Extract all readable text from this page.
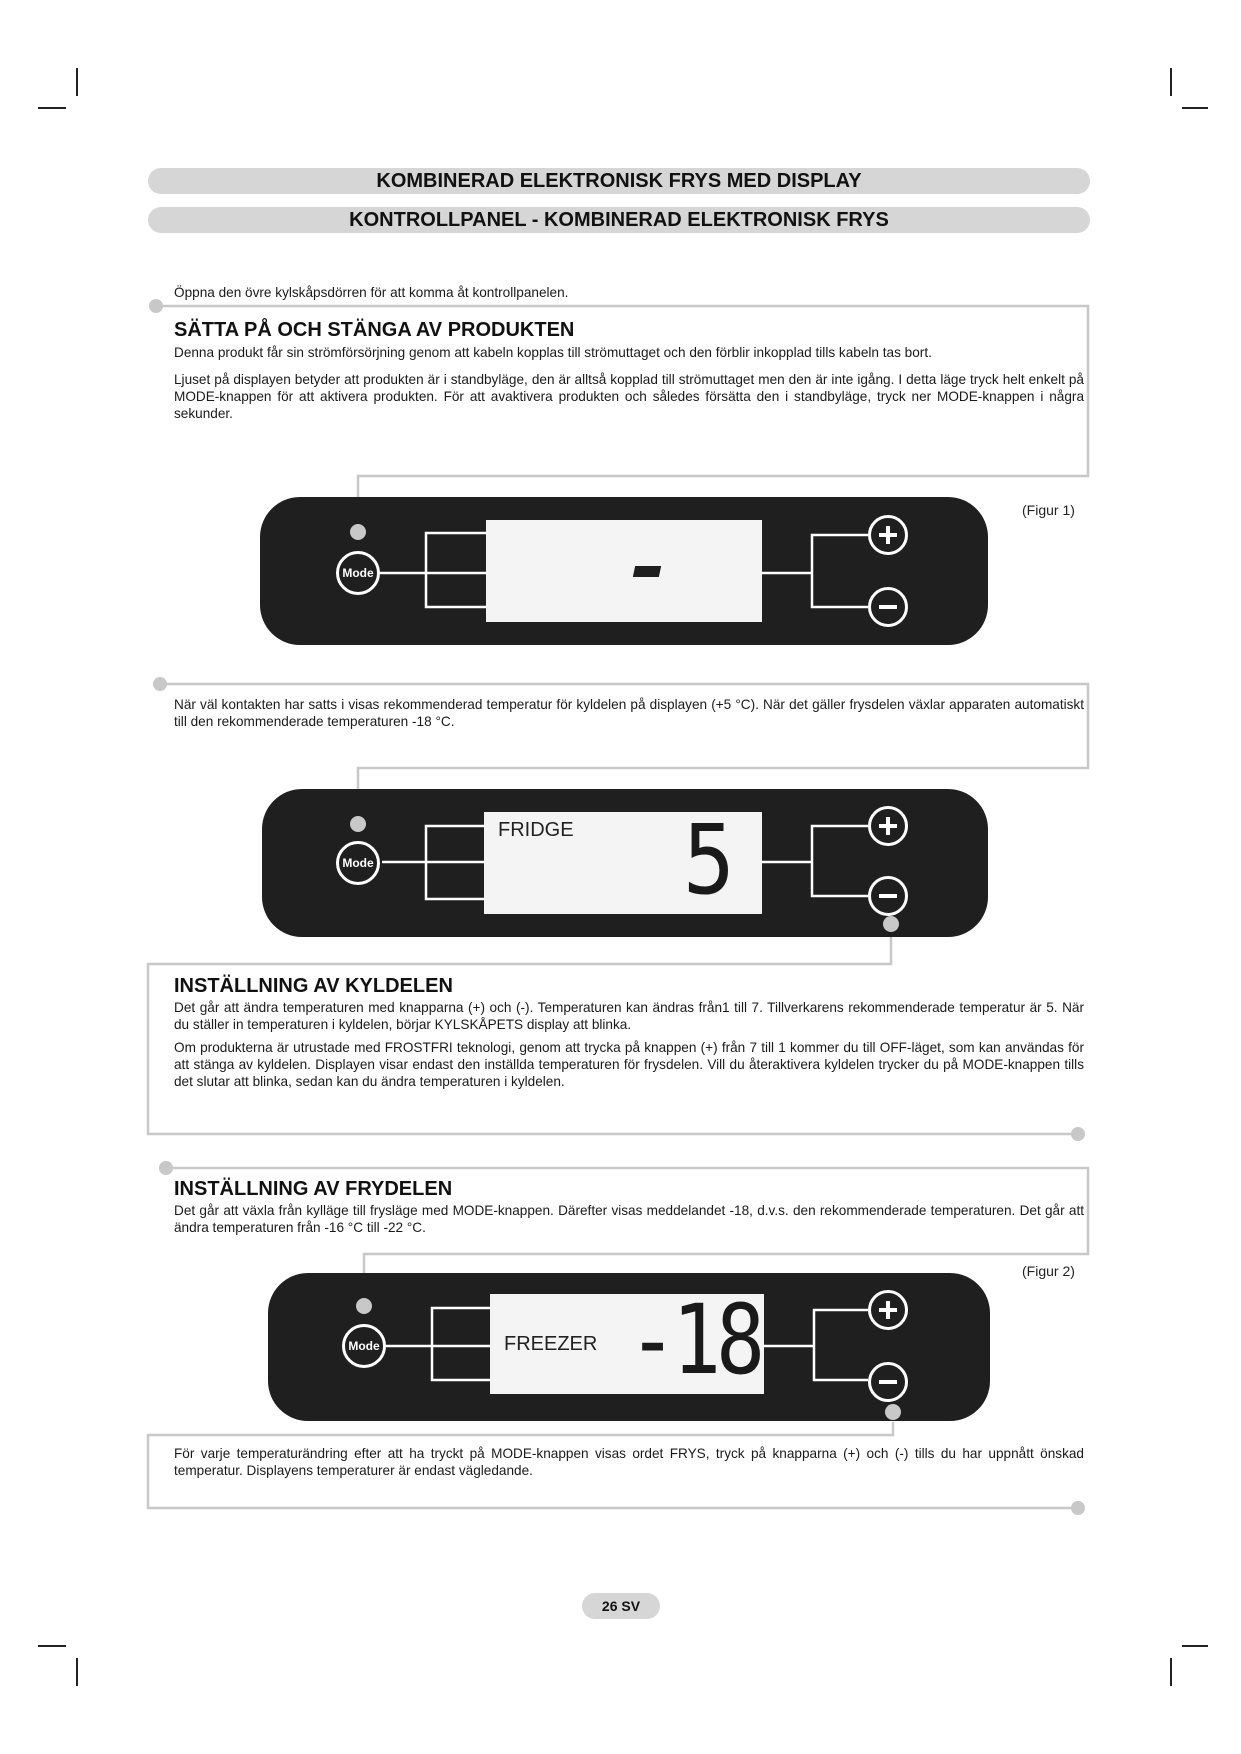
KOMBINERAD ELEKTRONISK FRYS MED DISPLAY
KONTROLLPANEL - KOMBINERAD ELEKTRONISK FRYS
Öppna den övre kylskåpsdörren för att komma åt kontrollpanelen.
SÄTTA PÅ OCH STÄNGA AV PRODUKTEN
Denna produkt får sin strömförsörjning genom att kabeln kopplas till strömuttaget och den förblir inkopplad tills kabeln tas bort.
Ljuset på displayen betyder att produkten är i standbyläge, den är alltså kopplad till strömuttaget men den är inte igång. I detta läge tryck helt enkelt på MODE-knappen för att aktivera produkten. För att avaktivera produkten och således försätta den i standbyläge, tryck ner MODE-knappen i några sekunder.
(Figur 1)
Mode
När väl kontakten har satts i visas rekommenderad temperatur för kyldelen på displayen (+5 °C). När det gäller frysdelen växlar apparaten automatiskt till den rekommenderade temperaturen -18 °C.
FRIDGE 5
Mode
INSTÄLLNING AV KYLDELEN
Det går att ändra temperaturen med knapparna (+) och (-). Temperaturen kan ändras från1 till 7. Tillverkarens rekommenderade temperatur är 5. När du ställer in temperaturen i kyldelen, börjar KYLSKÅPETS display att blinka.
Om produkterna är utrustade med FROSTFRI teknologi, genom att trycka på knappen (+) från 7 till 1 kommer du till OFF-läget, som kan användas för att stänga av kyldelen. Displayen visar endast den inställda temperaturen för frysdelen. Vill du återaktivera kyldelen trycker du på MODE-knappen tills det slutar att blinka, sedan kan du ändra temperaturen i kyldelen.
INSTÄLLNING AV FRYDELEN
Det går att växla från kylläge till frysläge med MODE-knappen. Därefter visas meddelandet -18, d.v.s. den rekommenderade temperaturen. Det går att ändra temperaturen från -16 °C till -22 °C.
(Figur 2)
FREEZER -18
Mode
För varje temperaturändring efter att ha tryckt på MODE-knappen visas ordet FRYS, tryck på knapparna (+) och (-) tills du har uppnått önskad temperatur. Displayens temperaturer är endast vägledande.
26 SV
